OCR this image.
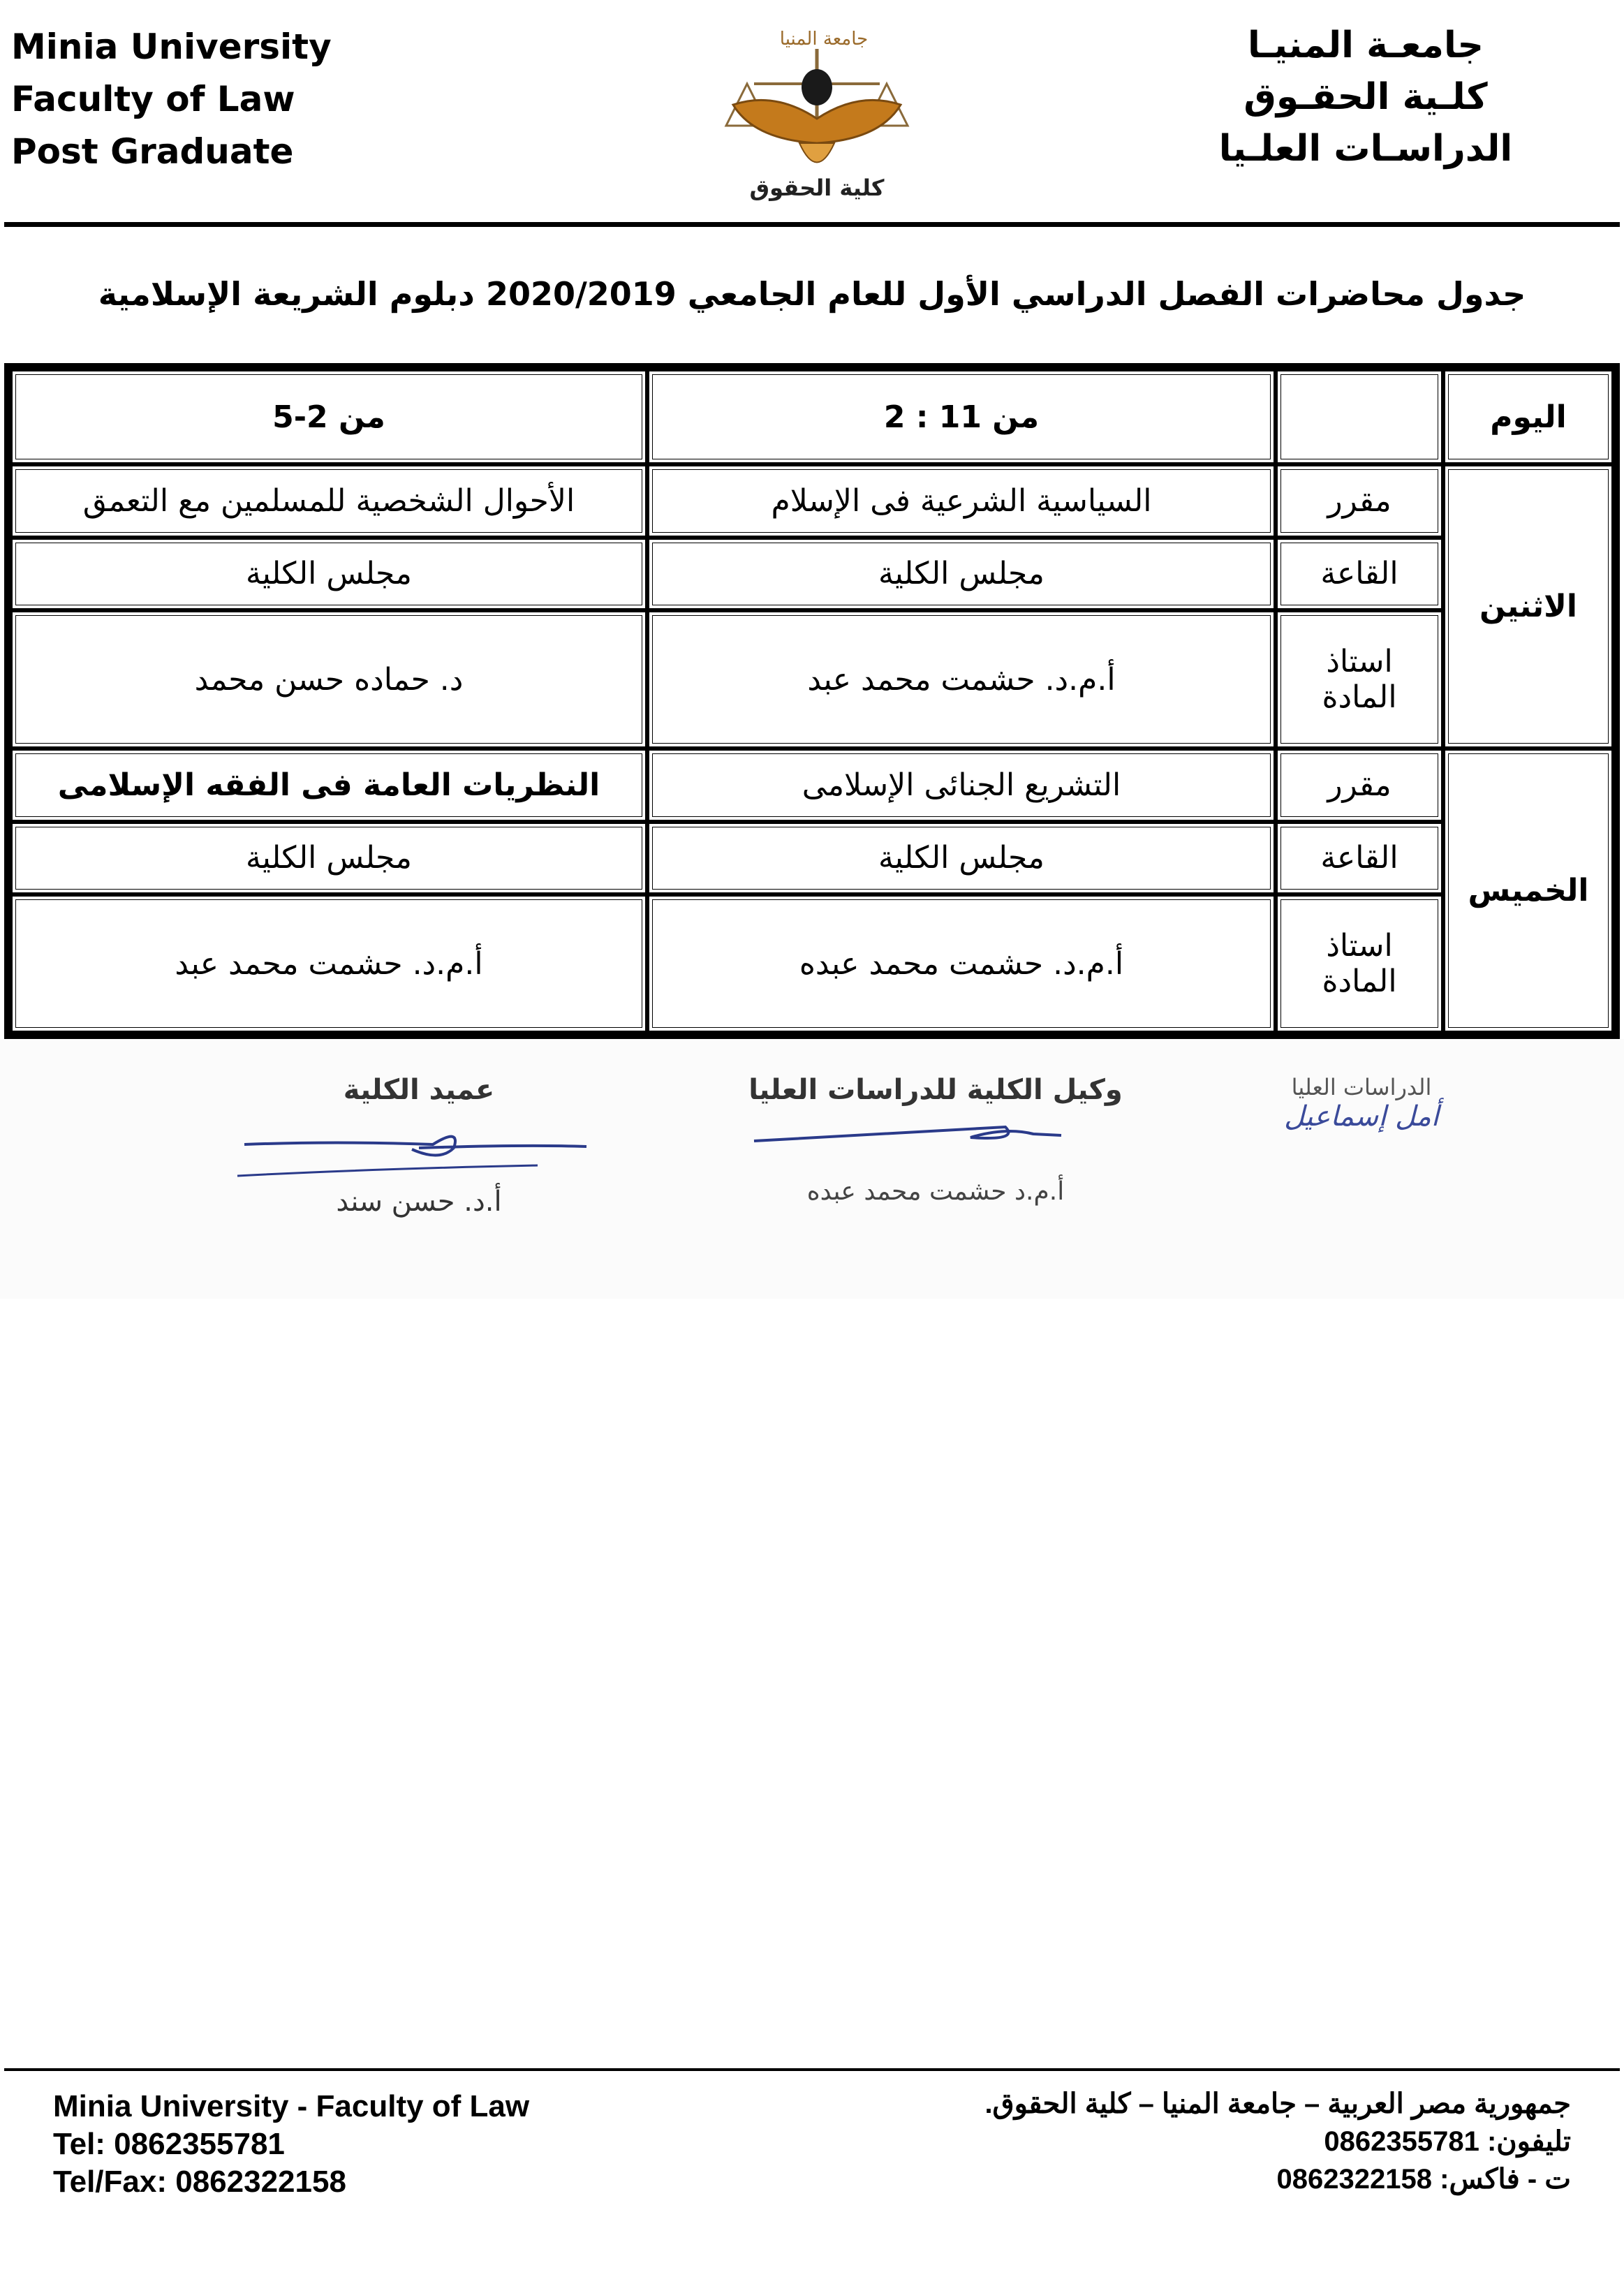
Minia University
Faculty of Law
Post Graduate
جامعة المنيا
كلية الحقوق
جامعـة المنيـا
كلـية الحقـوق
الدراسـات العلـيا
جدول محاضرات الفصل الدراسي الأول للعام الجامعي 2020/2019 دبلوم الشريعة الإسلامية
اليوم		من 11 : 2	من 2-5
الاثنين	مقرر	السياسية الشرعية فى الإسلام	الأحوال الشخصية للمسلمين مع التعمق
	القاعة	مجلس الكلية	مجلس الكلية
	استاذ المادة	أ.م.د. حشمت محمد عبد	د. حماده حسن محمد
الخميس	مقرر	التشريع الجنائى الإسلامى	النظريات العامة فى الفقه الإسلامى
	القاعة	مجلس الكلية	مجلس الكلية
	استاذ المادة	أ.م.د. حشمت محمد عبده	أ.م.د. حشمت محمد عبد
الدراسات العليا
أمل إسماعيل
وكيل الكلية للدراسات العليا
أ.م.د حشمت محمد عبده
عميد الكلية
أ.د. حسن سند
Minia University - Faculty of Law
Tel: 0862355781
Tel/Fax: 0862322158
جمهورية مصر العربية – جامعة المنيا – كلية الحقوق.
تليفون: 0862355781
ت - فاكس: 0862322158
